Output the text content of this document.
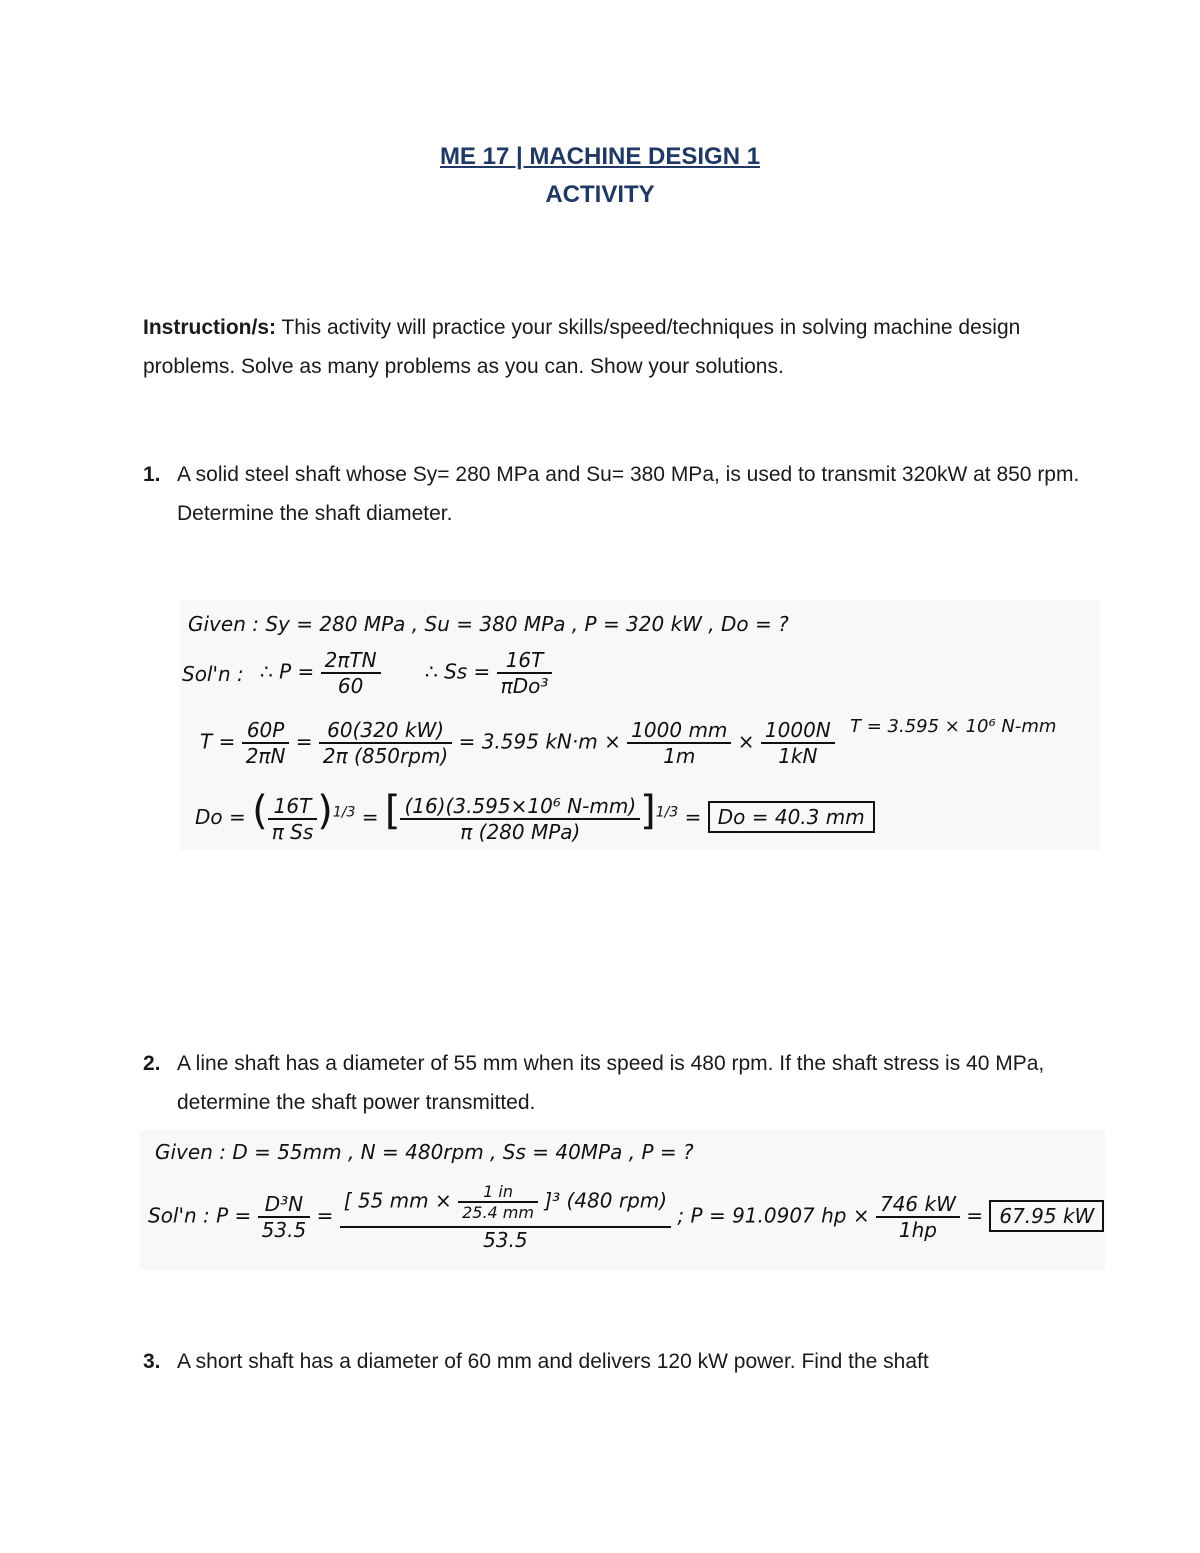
ME 17 | MACHINE DESIGN 1
ACTIVITY
Instruction/s: This activity will practice your skills/speed/techniques in solving machine design problems. Solve as many problems as you can. Show your solutions.
1. A solid steel shaft whose Sy= 280 MPa and Su= 380 MPa, is used to transmit 320kW at 850 rpm. Determine the shaft diameter.
Given : Sy = 280 MPa , Su = 380 MPa , P = 320 kW , Do = ?
Sol'n : ∴ $P = \frac{\text{2πTN}}{60}$ ∴ $Ss = \frac{16T}{\text{πDo³}}$
$T = \frac{60P}{2\pi N} = \frac{60(320 kW)}{\text{2π (850rpm)}} = 3.595$ $kN\cdot m \times \frac{1000 mm}{1m} \times \frac{1000N}{1kN}$ T = 3.595 × 10⁶ N-mm
Do = ( $\frac{16T}{\text{π Ss}} )^{1/3}$ = [ $\frac{\text{(16)(3.595×10⁶ N-mm)}}{\text{π (280 MPa)}} ]^{1/3} = Do = 40.3$ mm
2. A line shaft has a diameter of 55 mm when its speed is 480 rpm. If the shaft stress is 40 MPa, determine the shaft power transmitted.
Given : D = 55mm , N = 480rpm , Ss = 40MPa , P = ?
Sol'n : $P = \frac{\text{D³N}}{53.5}$ =
[ 55 mm × $\frac{1 in}{25.4 mm} ]^3$ (480 rpm)
53.5
; P = 91.0907 hp × $\frac{746 kW}{1hp} = 67.95$ kW
3. A short shaft has a diameter of 60 mm and delivers 120 kW power. Find the shaft
